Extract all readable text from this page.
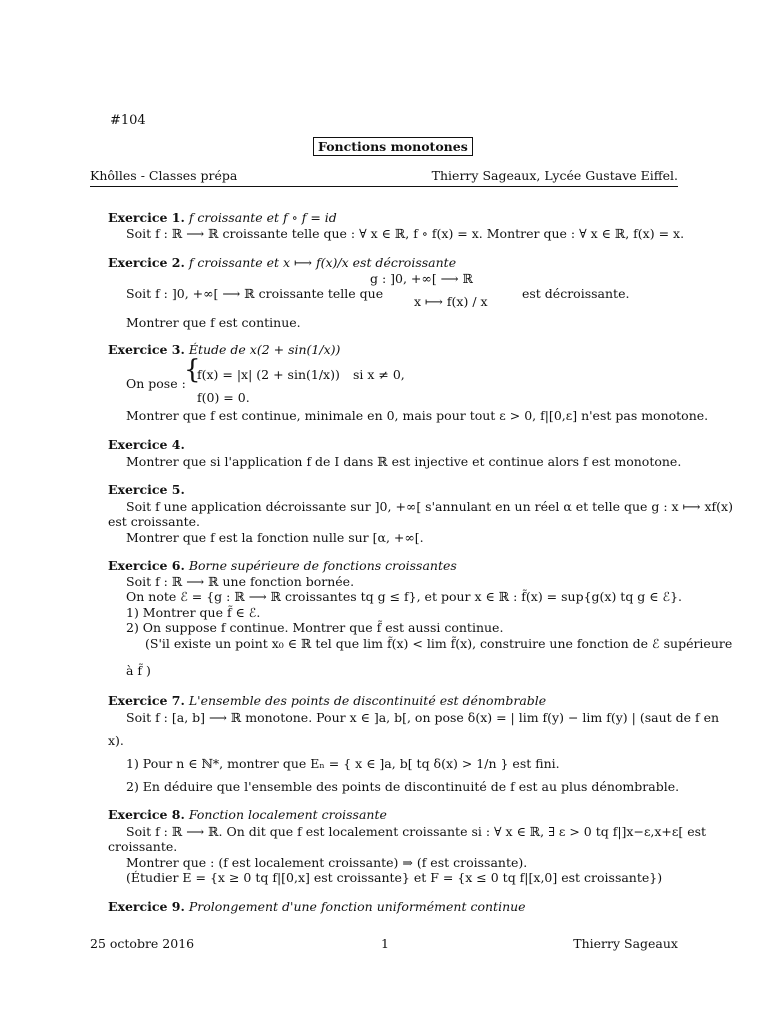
#104
Fonctions monotones
Khôlles - Classes prépa	Thierry Sageaux, Lycée Gustave Eiffel.
Exercice 1. f croissante et f ∘ f = id
Soit f : ℝ ⟶ ℝ croissante telle que : ∀ x ∈ ℝ, f ∘ f(x) = x. Montrer que : ∀ x ∈ ℝ, f(x) = x.
Exercice 2. f croissante et x ⟼ f(x)/x est décroissante
Soit f : ]0, +∞[ ⟶ ℝ croissante telle que
g : ]0, +∞[ ⟶ ℝ
x ⟼ f(x) / x
est décroissante.
Montrer que f est continue.
Exercice 3. Étude de x(2 + sin(1/x))
On pose :
{
f(x) = |x| (2 + sin(1/x)) si x ≠ 0,
f(0) = 0.
Montrer que f est continue, minimale en 0, mais pour tout ε > 0, f|[0,ε] n'est pas monotone.
Exercice 4.
Montrer que si l'application f de I dans ℝ est injective et continue alors f est monotone.
Exercice 5.
Soit f une application décroissante sur ]0, +∞[ s'annulant en un réel α et telle que g : x ⟼ xf(x)
est croissante.
Montrer que f est la fonction nulle sur [α, +∞[.
Exercice 6. Borne supérieure de fonctions croissantes
Soit f : ℝ ⟶ ℝ une fonction bornée.
On note ℰ = {g : ℝ ⟶ ℝ croissantes tq g ≤ f}, et pour x ∈ ℝ : f̃(x) = sup{g(x) tq g ∈ ℰ}.
1) Montrer que f̃ ∈ ℰ.
2) On suppose f continue. Montrer que f̃ est aussi continue.
(S'il existe un point x₀ ∈ ℝ tel que lim f̃(x) < lim f̃(x), construire une fonction de ℰ supérieure
à f̃ )
Exercice 7. L'ensemble des points de discontinuité est dénombrable
Soit f : [a, b] ⟶ ℝ monotone. Pour x ∈ ]a, b[, on pose δ(x) = | lim f(y) − lim f(y) | (saut de f en
x).
1) Pour n ∈ ℕ*, montrer que Eₙ = { x ∈ ]a, b[ tq δ(x) > 1/n } est fini.
2) En déduire que l'ensemble des points de discontinuité de f est au plus dénombrable.
Exercice 8. Fonction localement croissante
Soit f : ℝ ⟶ ℝ. On dit que f est localement croissante si : ∀ x ∈ ℝ, ∃ ε > 0 tq f|]x−ε,x+ε[ est
croissante.
Montrer que : (f est localement croissante) ⇒ (f est croissante).
(Étudier E = {x ≥ 0 tq f|[0,x] est croissante} et F = {x ≤ 0 tq f|[x,0] est croissante})
Exercice 9. Prolongement d'une fonction uniformément continue
25 octobre 2016	1	Thierry Sageaux
